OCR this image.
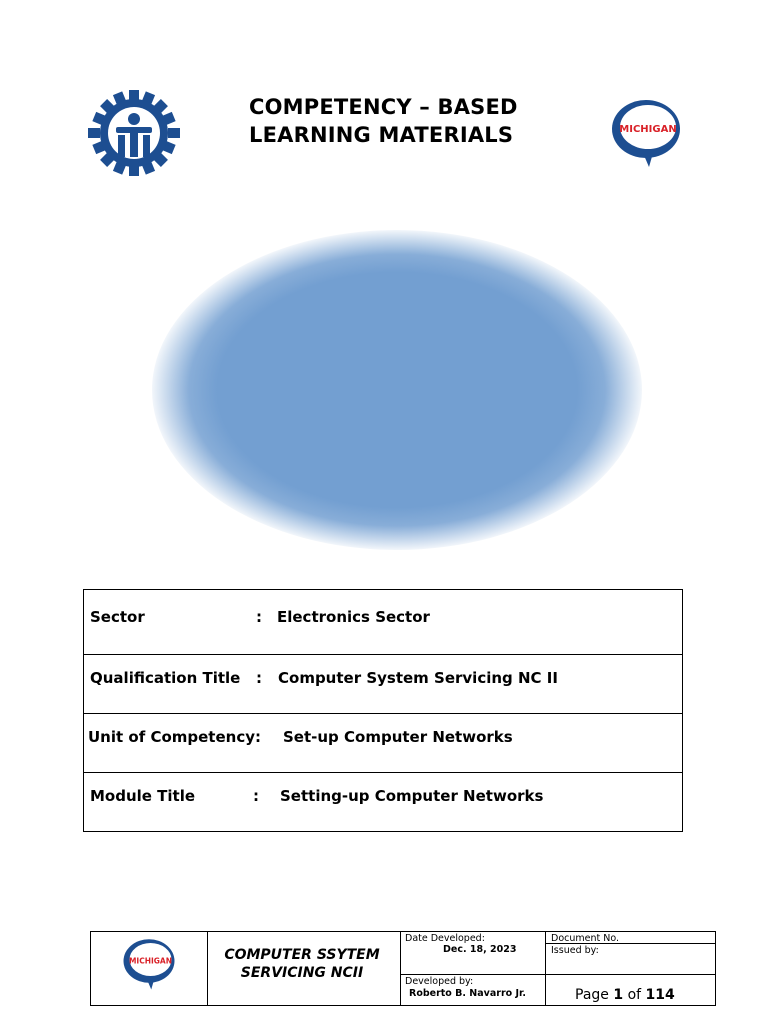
COMPETENCY – BASED
LEARNING MATERIALS	MICHIGAN
Sector	: Electronics Sector
Qualification Title : Computer System Servicing NC II
Unit of Competency: Set-up Computer Networks
Module Title	: Setting-up Computer Networks
MICHIGAN	COMPUTER SSYTEM
SERVICING NCII
Date Developed:
Dec. 18, 2023
Developed by:
Roberto B. Navarro Jr.
Document No.
Issued by:
Page 1 of 114
